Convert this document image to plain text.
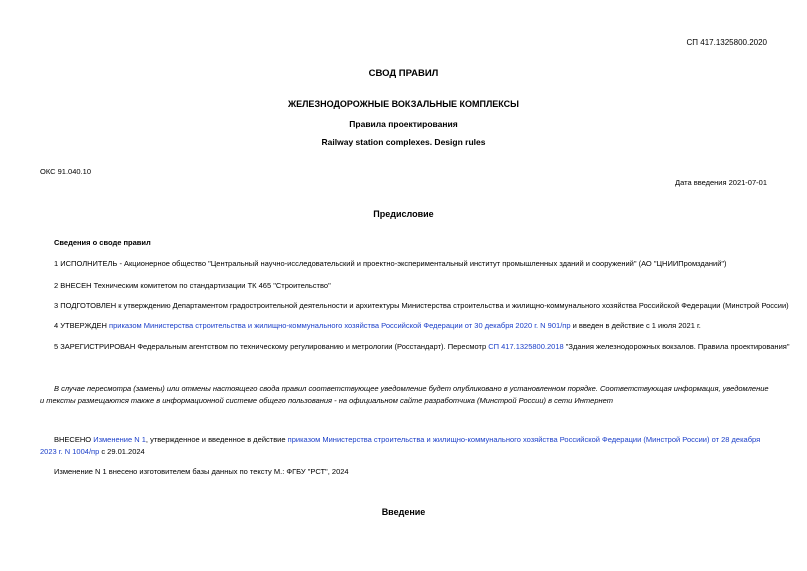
СП 417.1325800.2020
СВОД ПРАВИЛ
ЖЕЛЕЗНОДОРОЖНЫЕ ВОКЗАЛЬНЫЕ КОМПЛЕКСЫ
Правила проектирования
Railway station complexes. Design rules
ОКС 91.040.10
Дата введения 2021-07-01
Предисловие
Сведения о своде правил
1 ИСПОЛНИТЕЛЬ - Акционерное общество "Центральный научно-исследовательский и проектно-экспериментальный институт промышленных зданий и сооружений" (АО "ЦНИИПромзданий")
2 ВНЕСЕН Техническим комитетом по стандартизации ТК 465 "Строительство"
3 ПОДГОТОВЛЕН к утверждению Департаментом градостроительной деятельности и архитектуры Министерства строительства и жилищно-коммунального хозяйства Российской Федерации (Минстрой России)
4 УТВЕРЖДЕН приказом Министерства строительства и жилищно-коммунального хозяйства Российской Федерации от 30 декабря 2020 г. N 901/пр и введен в действие с 1 июля 2021 г.
5 ЗАРЕГИСТРИРОВАН Федеральным агентством по техническому регулированию и метрологии (Росстандарт). Пересмотр СП 417.1325800.2018 "Здания железнодорожных вокзалов. Правила проектирования"
В случае пересмотра (замены) или отмены настоящего свода правил соответствующее уведомление будет опубликовано в установленном порядке. Соответствующая информация, уведомление и тексты размещаются также в информационной системе общего пользования - на официальном сайте разработчика (Минстрой России) в сети Интернет
ВНЕСЕНО Изменение N 1, утвержденное и введенное в действие приказом Министерства строительства и жилищно-коммунального хозяйства Российской Федерации (Минстрой России) от 28 декабря 2023 г. N 1004/пр с 29.01.2024
Изменение N 1 внесено изготовителем базы данных по тексту М.: ФГБУ "РСТ", 2024
Введение
